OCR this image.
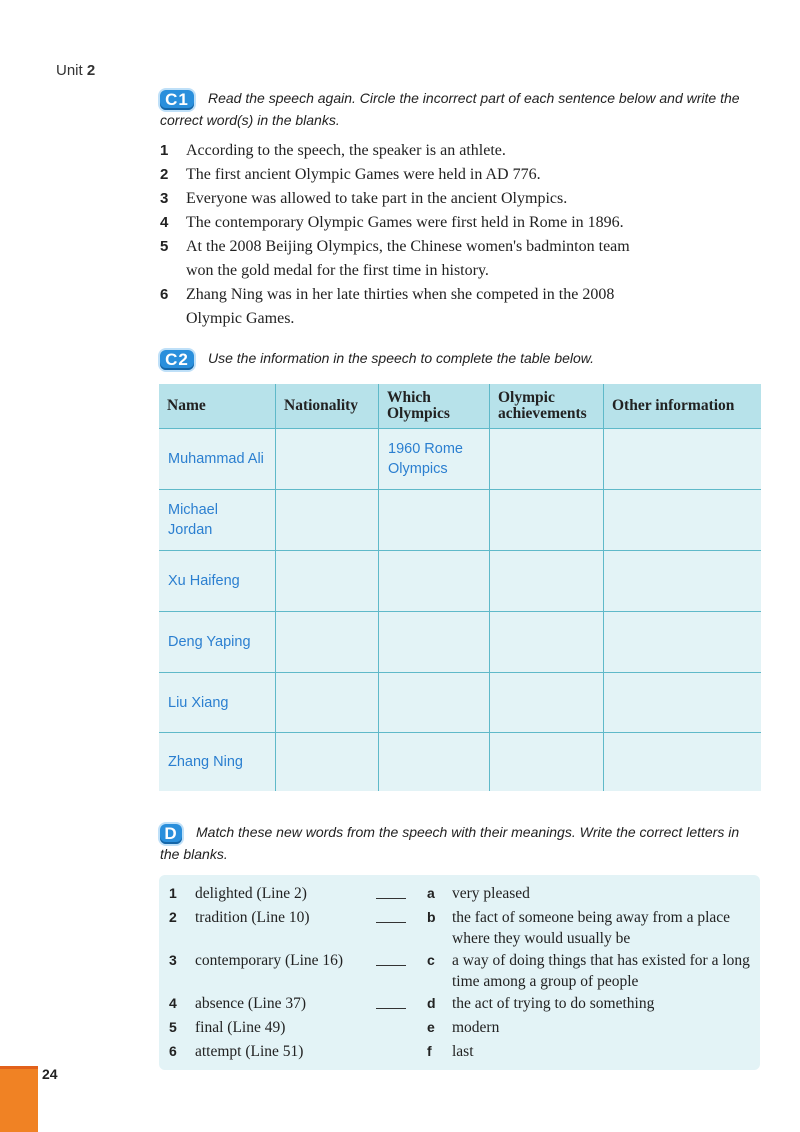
Unit 2
C1 Read the speech again. Circle the incorrect part of each sentence below and write the correct word(s) in the blanks.
1	According to the speech, the speaker is an athlete.
2	The first ancient Olympic Games were held in AD 776.
3	Everyone was allowed to take part in the ancient Olympics.
4	The contemporary Olympic Games were first held in Rome in 1896.
5	At the 2008 Beijing Olympics, the Chinese women's badminton team won the gold medal for the first time in history.
6	Zhang Ning was in her late thirties when she competed in the 2008 Olympic Games.
C2 Use the information in the speech to complete the table below.
Name	Nationality	Which Olympics	Olympic achievements	Other information
Muhammad Ali		1960 Rome Olympics		
Michael Jordan				
Xu Haifeng				
Deng Yaping				
Liu Xiang				
Zhang Ning				
D Match these new words from the speech with their meanings. Write the correct letters in the blanks.
1 delighted (Line 2)	a very pleased
2 tradition (Line 10)	b the fact of someone being away from a place where they would usually be
3 contemporary (Line 16)	c a way of doing things that has existed for a long time among a group of people
4 absence (Line 37)	d the act of trying to do something
5 final (Line 49)	e modern
6 attempt (Line 51)	f last
24
